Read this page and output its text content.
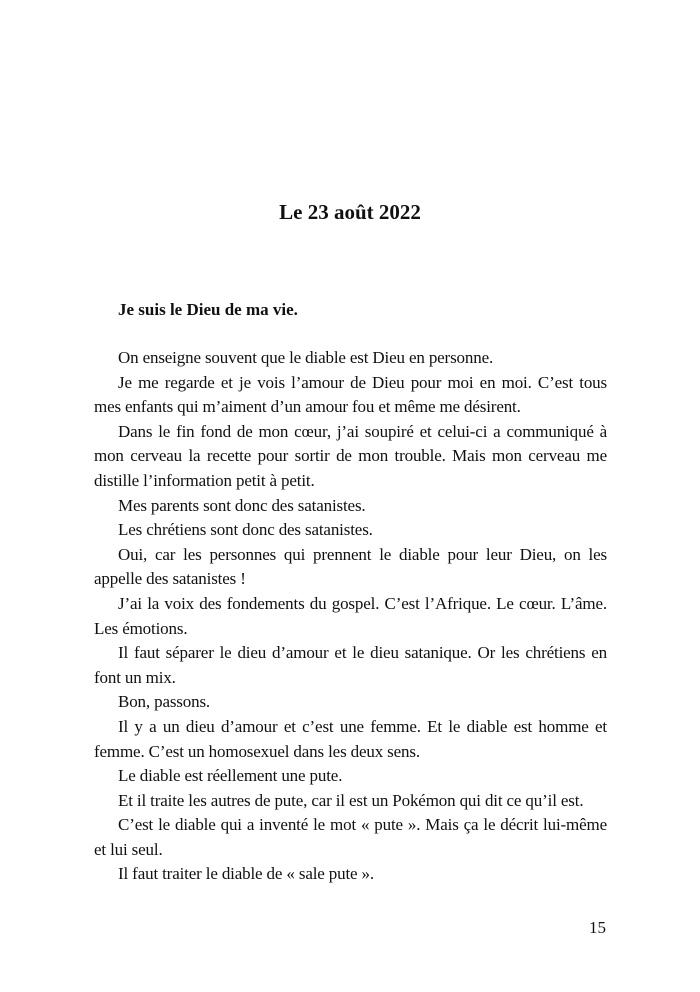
Le 23 août 2022
Je suis le Dieu de ma vie.

On enseigne souvent que le diable est Dieu en personne.

Je me regarde et je vois l’amour de Dieu pour moi en moi. C’est tous mes enfants qui m’aiment d’un amour fou et même me désirent.

Dans le fin fond de mon cœur, j’ai soupiré et celui-ci a communiqué à mon cerveau la recette pour sortir de mon trouble. Mais mon cerveau me distille l’information petit à petit.

Mes parents sont donc des satanistes.

Les chrétiens sont donc des satanistes.

Oui, car les personnes qui prennent le diable pour leur Dieu, on les appelle des satanistes !

J’ai la voix des fondements du gospel. C’est l’Afrique. Le cœur. L’âme. Les émotions.

Il faut séparer le dieu d’amour et le dieu satanique. Or les chrétiens en font un mix.

Bon, passons.

Il y a un dieu d’amour et c’est une femme. Et le diable est homme et femme. C’est un homosexuel dans les deux sens.

Le diable est réellement une pute.

Et il traite les autres de pute, car il est un Pokémon qui dit ce qu’il est.

C’est le diable qui a inventé le mot « pute ». Mais ça le décrit lui-même et lui seul.

Il faut traiter le diable de « sale pute ».

15
